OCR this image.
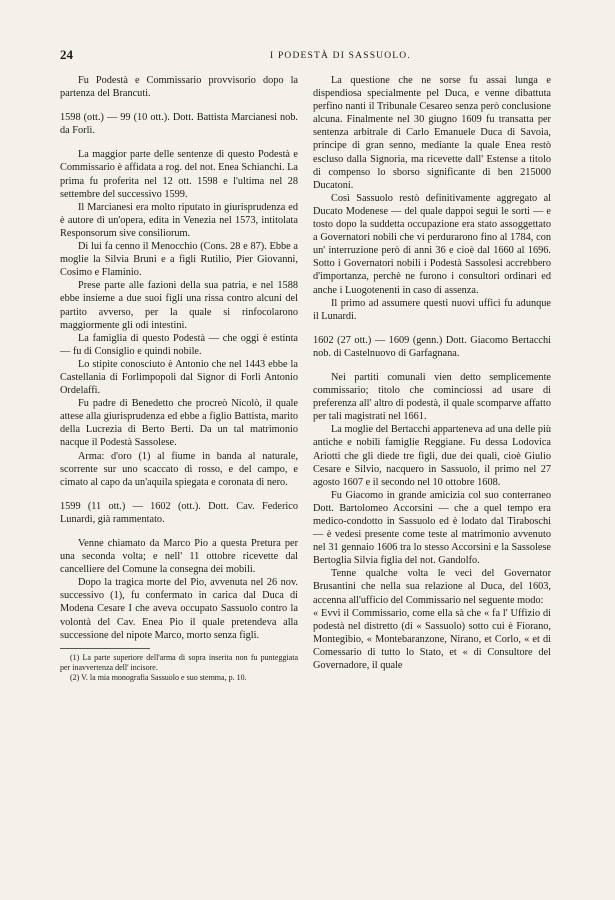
24	I PODESTÀ DI SASSUOLO.

Fu Podestà e Commissario provvisorio dopo la partenza del Brancuti.

1598 (ott.) — 99 (10 ott.). Dott. Battista Marcianesi nob. da Forlì.

La maggior parte delle sentenze di questo Podestà e Commissario è affidata a rog. del not. Enea Schianchi. La prima fu proferita nel 12 ott. 1598 e l'ultima nel 28 settembre del successivo 1599.

Il Marcianesi era molto riputato in giurisprudenza ed è autore di un'opera, edita in Venezia nel 1573, intitolata Responsorum sive consiliorum.

Di lui fa cenno il Menocchio (Cons. 28 e 87). Ebbe a moglie la Silvia Bruni e a figli Rutilio, Pier Giovanni, Cosimo e Flaminio.

Prese parte alle fazioni della sua patria, e nel 1588 ebbe insieme a due suoi figli una rissa contro alcuni del partito avverso, per la quale si rinfocolarono maggiormente gli odi intestini.

La famiglia di questo Podestà — che oggi è estinta — fu di Consiglio e quindi nobile.

Lo stipite conosciuto è Antonio che nel 1443 ebbe la Castellania di Forlimpopoli dal Signor di Forlì Antonio Ordelaffi.

Fu padre di Benedetto che procreò Nicolò, il quale attese alla giurisprudenza ed ebbe a figlio Battista, marito della Lucrezia di Berto Berti. Da un tal matrimonio nacque il Podestà Sassolese.

Arma: d'oro (1) al fiume in banda al naturale, scorrente sur uno scaccato di rosso, e del campo, e cimato al capo da un'aquila spiegata e coronata di nero.

1599 (11 ott.) — 1602 (ott.). Dott. Cav. Federico Lunardi, già rammentato.

Venne chiamato da Marco Pio a questa Pretura per una seconda volta; e nell' 11 ottobre ricevette dal cancelliere del Comune la consegna dei mobili.

Dopo la tragica morte del Pio, avvenuta nel 26 nov. successivo (1), fu confermato in carica dal Duca di Modena Cesare I che aveva occupato Sassuolo contro la volontà del Cav. Enea Pio il quale pretendeva alla successione del nipote Marco, morto senza figli.

(1) La parte superiore dell'arma di sopra inserita non fu punteggiata per inavvertenza dell' incisore.

(2) V. la mia monografia Sassuolo e suo stemma, p. 10.

La questione che ne sorse fu assai lunga e dispendiosa specialmente pel Duca, e venne dibattuta perfino nanti il Tribunale Cesareo senza però conclusione alcuna. Finalmente nel 30 giugno 1609 fu transatta per sentenza arbitrale di Carlo Emanuele Duca di Savoia, principe di gran senno, mediante la quale Enea restò escluso dalla Signoria, ma ricevette dall' Estense a titolo di compenso lo sborso significante di ben 215000 Ducatoni.

Così Sassuolo restò definitivamente aggregato al Ducato Modenese — del quale dappoi seguì le sorti — e tosto dopo la suddetta occupazione era stato assoggettato a Governatori nobili che vi perdurarono fino al 1784, con un' interruzione però di anni 36 e cioè dal 1660 al 1696. Sotto i Governatori nobili i Podestà Sassolesi accrebbero d'importanza, perchè ne furono i consultori ordinari ed anche i Luogotenenti in caso di assenza.

Il primo ad assumere questi nuovi uffici fu adunque il Lunardi.

1602 (27 ott.) — 1609 (genn.) Dott. Giacomo Bertacchi nob. di Castelnuovo di Garfagnana.

Nei partiti comunali vien detto semplicemente commissario; titolo che cominciossi ad usare di preferenza all' altro di podestà, il quale scomparve affatto per tali magistrati nel 1661.

La moglie del Bertacchi apparteneva ad una delle più antiche e nobili famiglie Reggiane. Fu dessa Lodovica Ariotti che gli diede tre figli, due dei quali, cioè Giulio Cesare e Silvio, nacquero in Sassuolo, il primo nel 27 agosto 1607 e il secondo nel 10 ottobre 1608.

Fu Giacomo in grande amicizia col suo conterraneo Dott. Bartolomeo Accorsini — che a quel tempo era medico-condotto in Sassuolo ed è lodato dal Tiraboschi — è vedesi presente come teste al matrimonio avvenuto nel 31 gennaio 1606 tra lo stesso Accorsini e la Sassolese Bertoglia Silvia figlia del not. Gandolfo.

Tenne qualche volta le veci del Governator Brusantini che nella sua relazione al Duca, del 1603, accenna all'ufficio del Commissario nel seguente modo:

« Evvi il Commissario, come ella sà che « fa l' Uffizio di podestà nel distretto (di « Sassuolo) sotto cui è Fiorano, Montegibio, « Montebaranzone, Nirano, et Corlo, « et di Comessario di tutto lo Stato, et « di Consultore del Governadore, il quale
